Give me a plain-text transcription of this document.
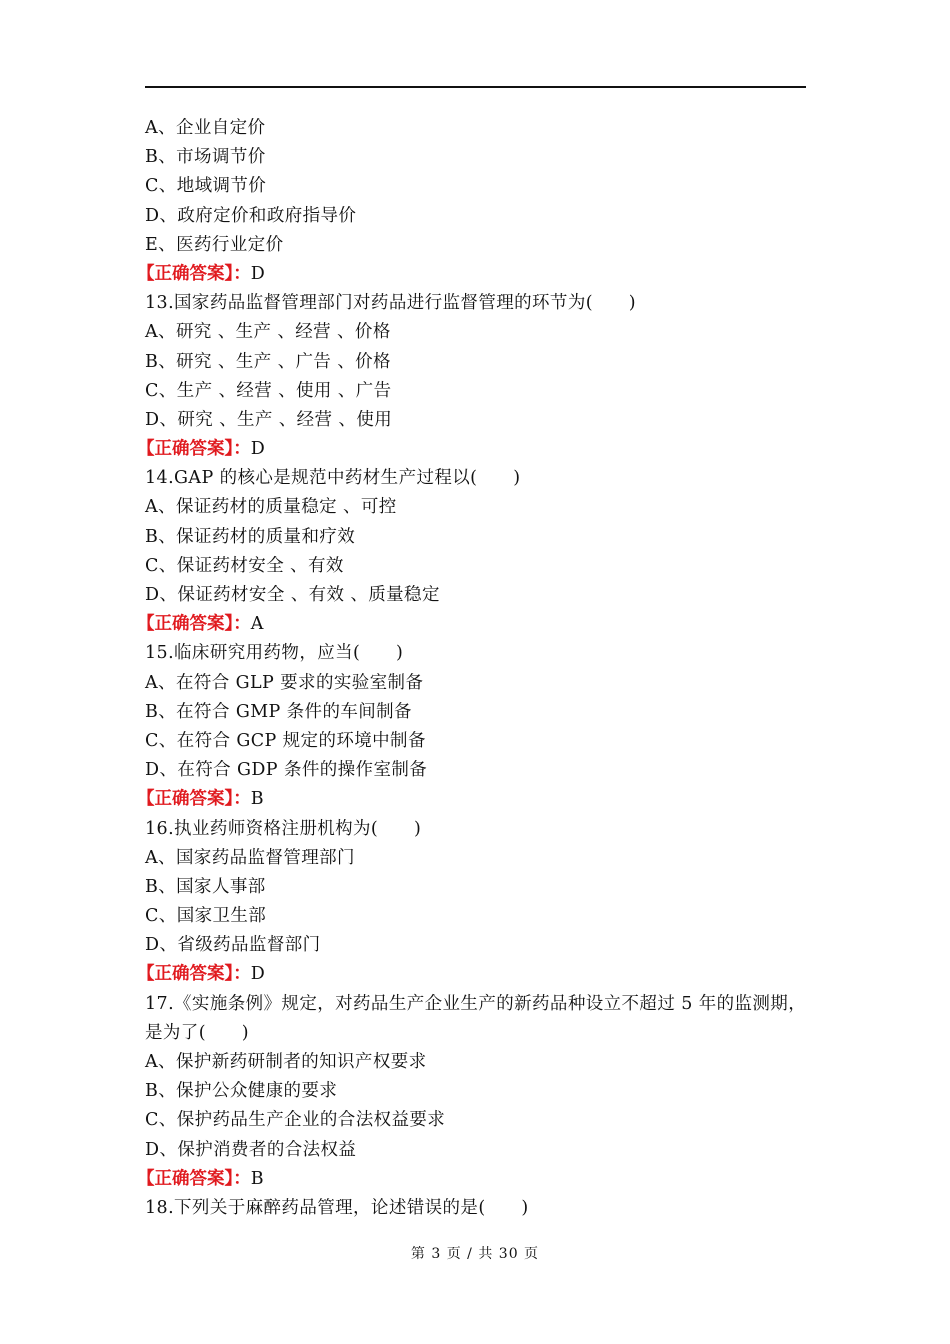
A、企业自定价
B、市场调节价
C、地域调节价
D、政府定价和政府指导价
E、医药行业定价
【正确答案】：D
13.国家药品监督管理部门对药品进行监督管理的环节为(　　)
A、研究 、生产 、经营 、价格
B、研究 、生产 、广告 、价格
C、生产 、经营 、使用 、广告
D、研究 、生产 、经营 、使用
【正确答案】：D
14.GAP 的核心是规范中药材生产过程以(　　)
A、保证药材的质量稳定 、可控
B、保证药材的质量和疗效
C、保证药材安全 、有效
D、保证药材安全 、有效 、质量稳定
【正确答案】：A
15.临床研究用药物，应当(　　)
A、在符合 GLP 要求的实验室制备
B、在符合 GMP 条件的车间制备
C、在符合 GCP 规定的环境中制备
D、在符合 GDP 条件的操作室制备
【正确答案】：B
16.执业药师资格注册机构为(　　)
A、国家药品监督管理部门
B、国家人事部
C、国家卫生部
D、省级药品监督部门
【正确答案】：D
17.《实施条例》规定，对药品生产企业生产的新药品种设立不超过 5 年的监测期， 是为了(　　)
A、保护新药研制者的知识产权要求
B、保护公众健康的要求
C、保护药品生产企业的合法权益要求
D、保护消费者的合法权益
【正确答案】：B
18.下列关于麻醉药品管理，论述错误的是(　　)
第 3 页 / 共 30 页
